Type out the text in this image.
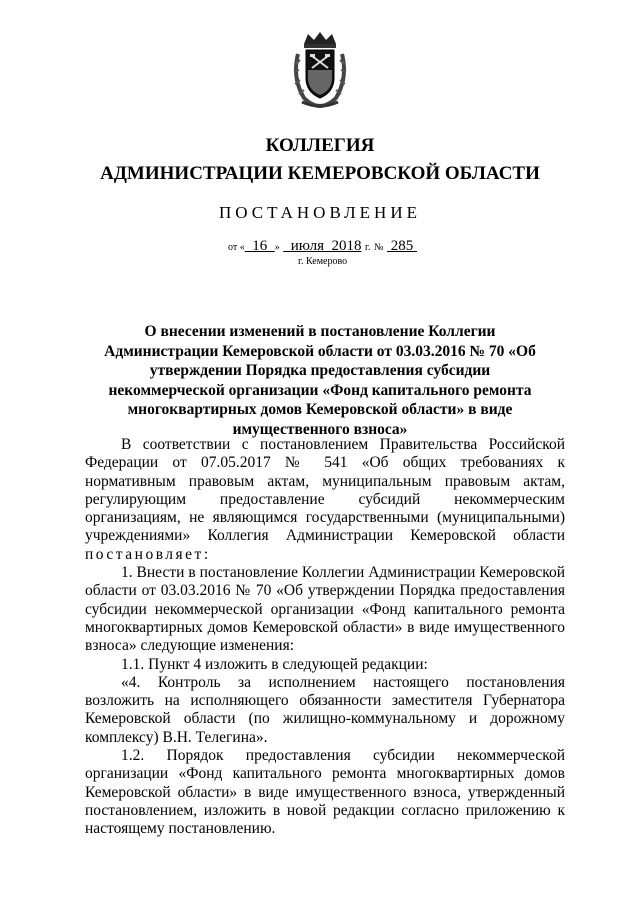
КОЛЛЕГИЯ
АДМИНИСТРАЦИИ КЕМЕРОВСКОЙ ОБЛАСТИ
ПОСТАНОВЛЕНИЕ
от « 16 » июля 2018 г. № 285
г. Кемерово
О внесении изменений в постановление Коллегии Администрации Кемеровской области от 03.03.2016 № 70 «Об утверждении Порядка предоставления субсидии некоммерческой организации «Фонд капитального ремонта многоквартирных домов Кемеровской области» в виде имущественного взноса»

В соответствии с постановлением Правительства Российской Федерации от 07.05.2017 № 541 «Об общих требованиях к нормативным правовым актам, муниципальным правовым актам, регулирующим предоставление субсидий некоммерческим организациям, не являющимся государственными (муниципальными) учреждениями» Коллегия Администрации Кемеровской области постановляет:

1. Внести в постановление Коллегии Администрации Кемеровской области от 03.03.2016 № 70 «Об утверждении Порядка предоставления субсидии некоммерческой организации «Фонд капитального ремонта многоквартирных домов Кемеровской области» в виде имущественного взноса» следующие изменения:

1.1. Пункт 4 изложить в следующей редакции:

«4. Контроль за исполнением настоящего постановления возложить на исполняющего обязанности заместителя Губернатора Кемеровской области (по жилищно-коммунальному и дорожному комплексу) В.Н. Телегина».

1.2. Порядок предоставления субсидии некоммерческой организации «Фонд капитального ремонта многоквартирных домов Кемеровской области» в виде имущественного взноса, утвержденный постановлением, изложить в новой редакции согласно приложению к настоящему постановлению.
